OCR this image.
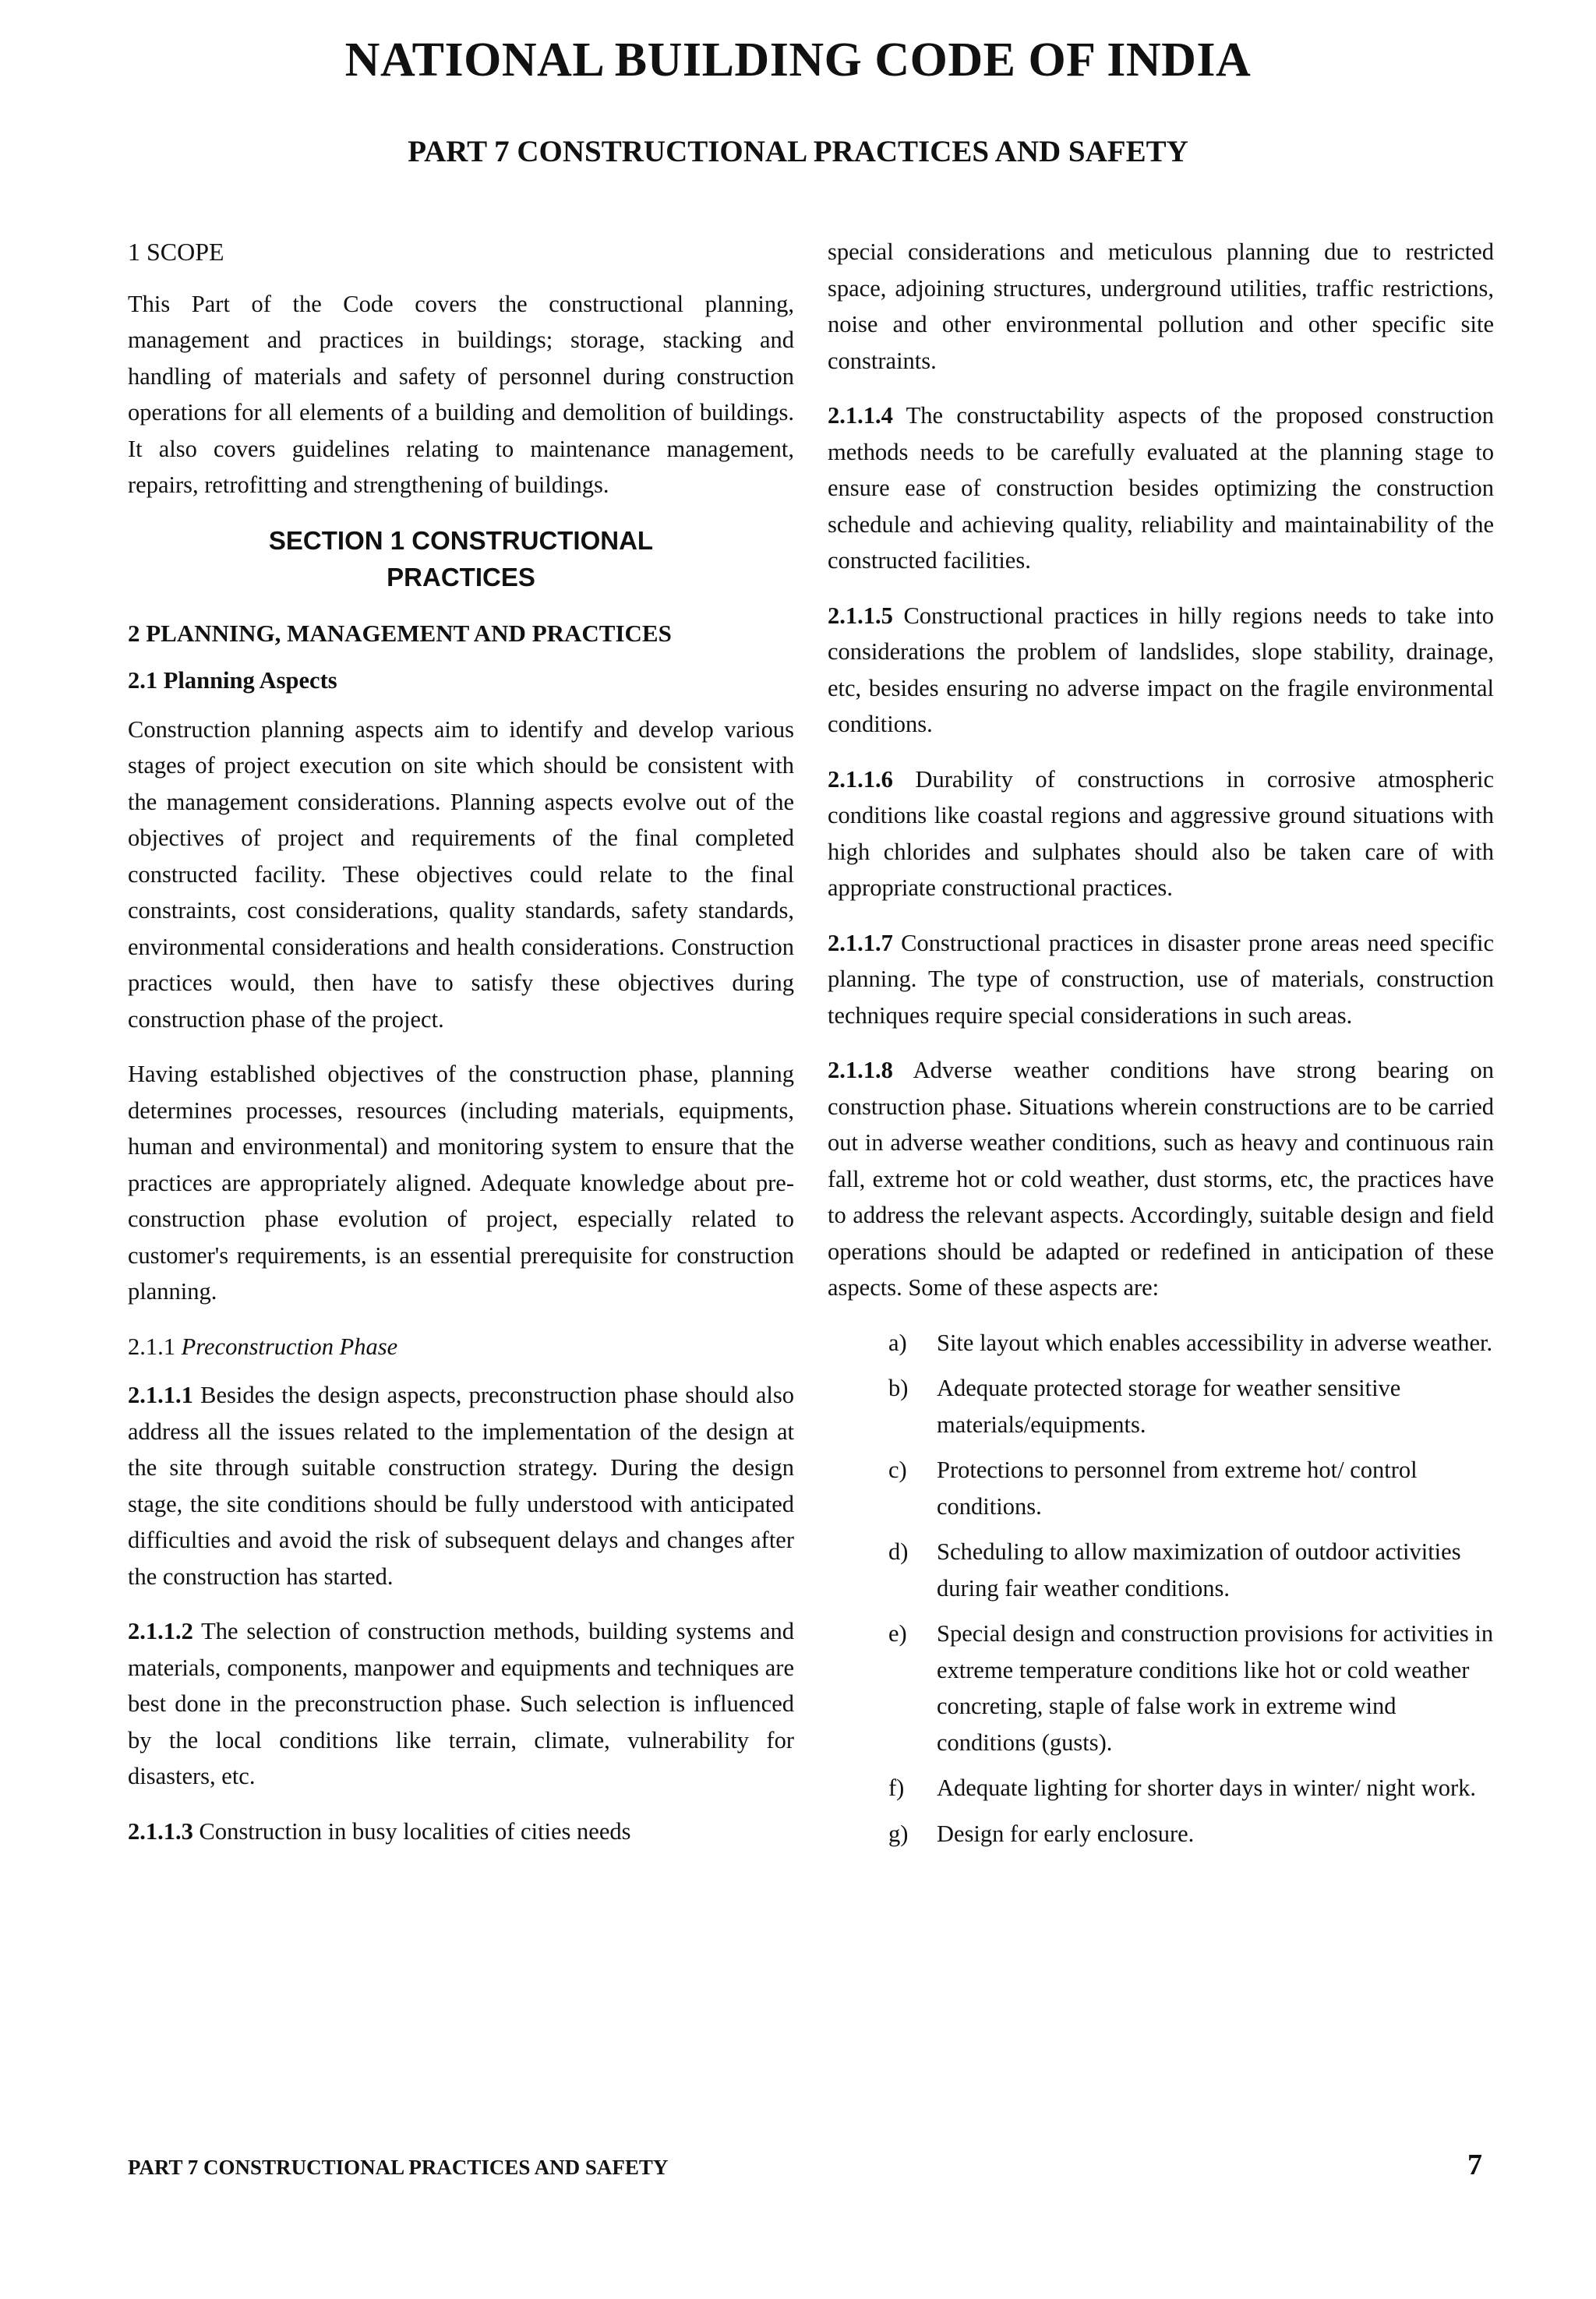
NATIONAL BUILDING CODE OF INDIA
PART 7 CONSTRUCTIONAL PRACTICES AND SAFETY
1 SCOPE

This Part of the Code covers the constructional planning, management and practices in buildings; storage, stacking and handling of materials and safety of personnel during construction operations for all elements of a building and demolition of buildings. It also covers guidelines relating to maintenance management, repairs, retrofitting and strengthening of buildings.

SECTION 1 CONSTRUCTIONAL
PRACTICES
2 PLANNING, MANAGEMENT AND PRACTICES
2.1 Planning Aspects

Construction planning aspects aim to identify and develop various stages of project execution on site which should be consistent with the management considerations. Planning aspects evolve out of the objectives of project and requirements of the final completed constructed facility. These objectives could relate to the final constraints, cost considerations, quality standards, safety standards, environmental considerations and health considerations. Construction practices would, then have to satisfy these objectives during construction phase of the project.

Having established objectives of the construction phase, planning determines processes, resources (including materials, equipments, human and environmental) and monitoring system to ensure that the practices are appropriately aligned. Adequate knowledge about pre-construction phase evolution of project, especially related to customer's requirements, is an essential prerequisite for construction planning.

2.1.1 Preconstruction Phase

2.1.1.1 Besides the design aspects, preconstruction phase should also address all the issues related to the implementation of the design at the site through suitable construction strategy. During the design stage, the site conditions should be fully understood with anticipated difficulties and avoid the risk of subsequent delays and changes after the construction has started.

2.1.1.2 The selection of construction methods, building systems and materials, components, manpower and equipments and techniques are best done in the preconstruction phase. Such selection is influenced by the local conditions like terrain, climate, vulnerability for disasters, etc.

2.1.1.3 Construction in busy localities of cities needs

special considerations and meticulous planning due to restricted space, adjoining structures, underground utilities, traffic restrictions, noise and other environmental pollution and other specific site constraints.

2.1.1.4 The constructability aspects of the proposed construction methods needs to be carefully evaluated at the planning stage to ensure ease of construction besides optimizing the construction schedule and achieving quality, reliability and maintainability of the constructed facilities.

2.1.1.5 Constructional practices in hilly regions needs to take into considerations the problem of landslides, slope stability, drainage, etc, besides ensuring no adverse impact on the fragile environmental conditions.

2.1.1.6 Durability of constructions in corrosive atmospheric conditions like coastal regions and aggressive ground situations with high chlorides and sulphates should also be taken care of with appropriate constructional practices.

2.1.1.7 Constructional practices in disaster prone areas need specific planning. The type of construction, use of materials, construction techniques require special considerations in such areas.

2.1.1.8 Adverse weather conditions have strong bearing on construction phase. Situations wherein constructions are to be carried out in adverse weather conditions, such as heavy and continuous rain fall, extreme hot or cold weather, dust storms, etc, the practices have to address the relevant aspects. Accordingly, suitable design and field operations should be adapted or redefined in anticipation of these aspects. Some of these aspects are:

a)	Site layout which enables accessibility in adverse weather.
b)	Adequate protected storage for weather sensitive materials/equipments.
c)	Protections to personnel from extreme hot/ control conditions.
d)	Scheduling to allow maximization of outdoor activities during fair weather conditions.
e)	Special design and construction provisions for activities in extreme temperature conditions like hot or cold weather concreting, staple of false work in extreme wind conditions (gusts).
f)	Adequate lighting for shorter days in winter/ night work.
g)	Design for early enclosure.
PART 7 CONSTRUCTIONAL PRACTICES AND SAFETY	7
